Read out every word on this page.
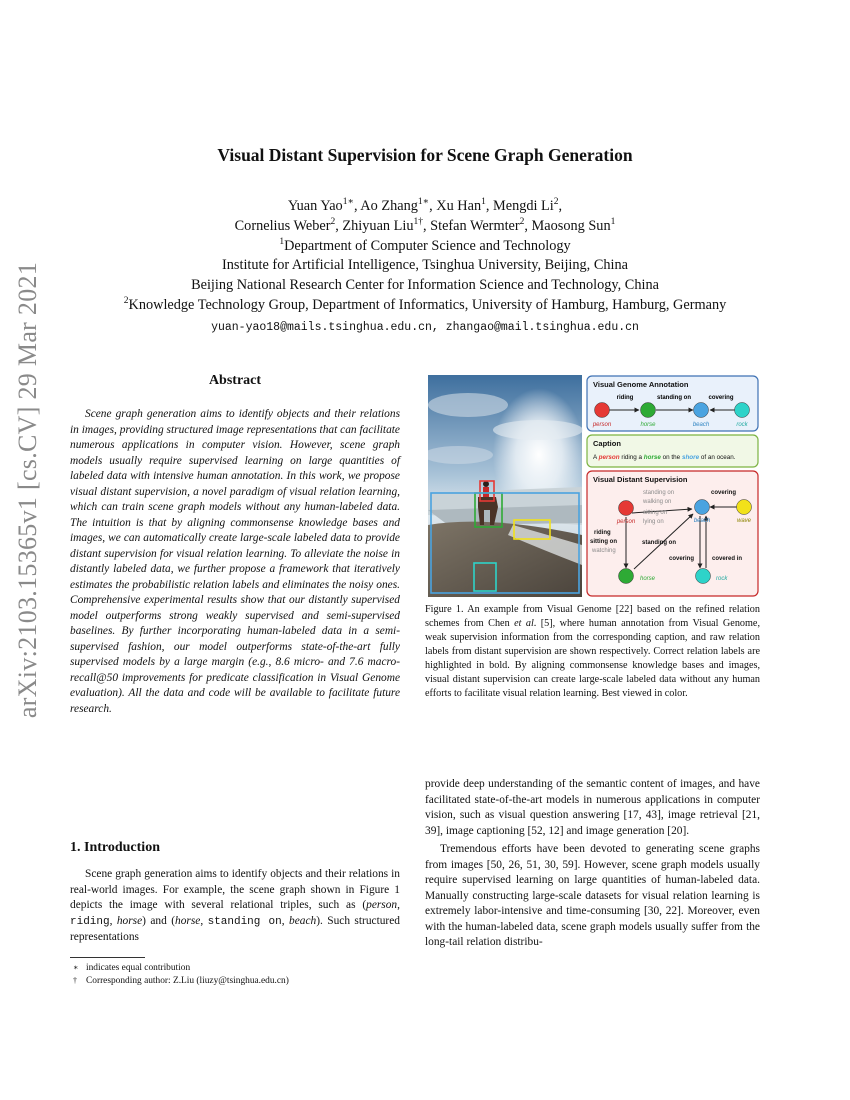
arXiv:2103.15365v1 [cs.CV] 29 Mar 2021
Visual Distant Supervision for Scene Graph Generation
Yuan Yao$^{1∗}$, Ao Zhang$^{1∗}$, Xu Han$^1$, Mengdi Li$^2$,
Cornelius Weber$^2$, Zhiyuan Liu$^{1\dagger}$, Stefan Wermter$^2$, Maosong Sun$^1$
$^1$Department of Computer Science and Technology
Institute for Artificial Intelligence, Tsinghua University, Beijing, China
Beijing National Research Center for Information Science and Technology, China
$^2$Knowledge Technology Group, Department of Informatics, University of Hamburg, Hamburg, Germany
yuan-yao18@mails.tsinghua.edu.cn, zhangao@mail.tsinghua.edu.cn
Abstract
Scene graph generation aims to identify objects and their relations in images, providing structured image representations that can facilitate numerous applications in computer vision. However, scene graph models usually require supervised learning on large quantities of labeled data with intensive human annotation. In this work, we propose visual distant supervision, a novel paradigm of visual relation learning, which can train scene graph models without any human-labeled data. The intuition is that by aligning commonsense knowledge bases and images, we can automatically create large-scale labeled data to provide distant supervision for visual relation learning. To alleviate the noise in distantly labeled data, we further propose a framework that iteratively estimates the probabilistic relation labels and eliminates the noisy ones. Comprehensive experimental results show that our distantly supervised model outperforms strong weakly supervised and semi-supervised baselines. By further incorporating human-labeled data in a semi-supervised fashion, our model outperforms state-of-the-art fully supervised models by a large margin (e.g., 8.6 micro- and 7.6 macro-recall@50 improvements for predicate classification in Visual Genome evaluation). All the data and code will be available to facilitate future research.
1. Introduction
Scene graph generation aims to identify objects and their relations in real-world images. For example, the scene graph shown in Figure 1 depicts the image with several relational triples, such as (person, riding, horse) and (horse, standing on, beach). Such structured representations
∗ indicates equal contribution
† Corresponding author: Z.Liu (liuzy@tsinghua.edu.cn)
Visual Genome Annotation
riding	standing on	covering
person	horse	beach	rock
Caption
A person riding a horse on the shore of an ocean.
Visual Distant Supervision
person	beach	wave
horse	rock
standing on
walking on
sitting on
lying on
covering
riding
sitting on
watching
standing on
covering	covered in
Figure 1. An example from Visual Genome [22] based on the refined relation schemes from Chen et al. [5], where human annotation from Visual Genome, weak supervision information from the corresponding caption, and raw relation labels from distant supervision are shown respectively. Correct relation labels are highlighted in bold. By aligning commonsense knowledge bases and images, visual distant supervision can create large-scale labeled data without any human efforts to facilitate visual relation learning. Best viewed in color.

provide deep understanding of the semantic content of images, and have facilitated state-of-the-art models in numerous applications in computer vision, such as visual question answering [17, 43], image retrieval [21, 39], image captioning [52, 12] and image generation [20].

Tremendous efforts have been devoted to generating scene graphs from images [50, 26, 51, 30, 59]. However, scene graph models usually require supervised learning on large quantities of human-labeled data. Manually constructing large-scale datasets for visual relation learning is extremely labor-intensive and time-consuming [30, 22]. Moreover, even with the human-labeled data, scene graph models usually suffer from the long-tail relation distribu-
